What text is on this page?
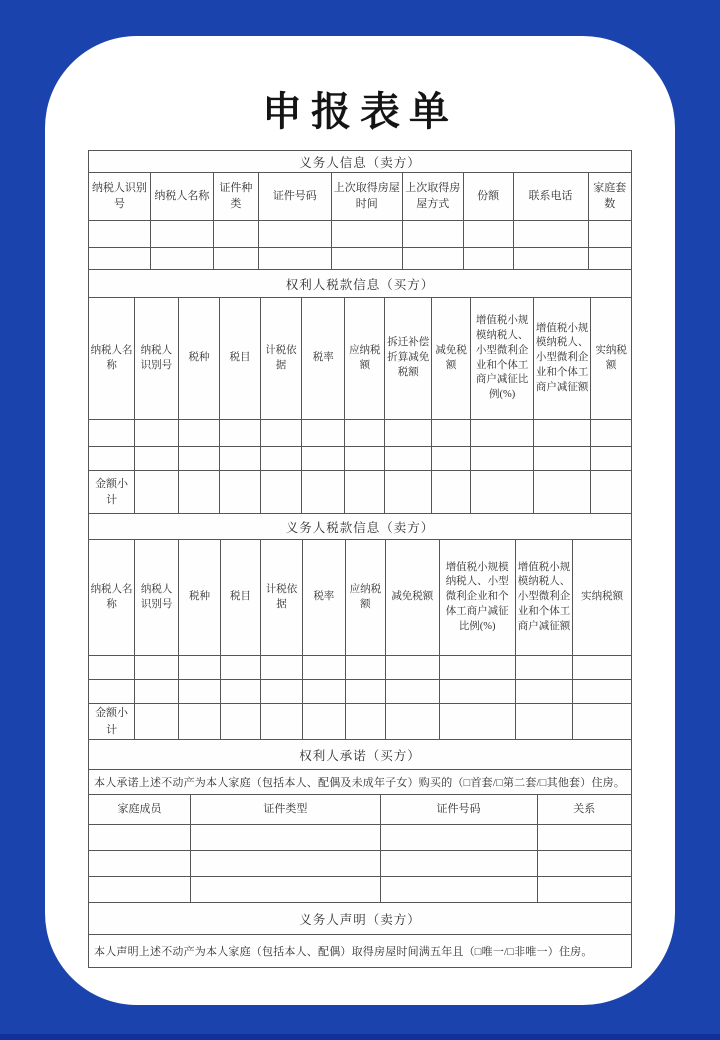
申报表单
义务人信息（卖方）								
纳税人识别号	纳税人名称	证件种类	证件号码	上次取得房屋时间	上次取得房屋方式	份额	联系电话	家庭套数

权利人税款信息（买方）											
纳税人名称	纳税人识别号	税种	税目	计税依据	税率	应纳税额	拆迁补偿折算减免税额	减免税额	增值税小规模纳税人、小型微利企业和个体工商户减征比例(%)	增值税小规模纳税人、小型微利企业和个体工商户减征额	实纳税额

金额小计											
义务人税款信息（卖方）										
纳税人名称	纳税人识别号	税种	税目	计税依据	税率	应纳税额	减免税额	增值税小规模纳税人、小型微利企业和个体工商户减征比例(%)	增值税小规模纳税人、小型微利企业和个体工商户减征额	实纳税额

金额小计										
权利人承诺（买方）			
本人承诺上述不动产为本人家庭（包括本人、配偶及未成年子女）购买的（□首套/□第二套/□其他套）住房。			
家庭成员	证件类型	证件号码	关系

义务人声明（卖方）
本人声明上述不动产为本人家庭（包括本人、配偶）取得房屋时间满五年且（□唯一/□非唯一）住房。
